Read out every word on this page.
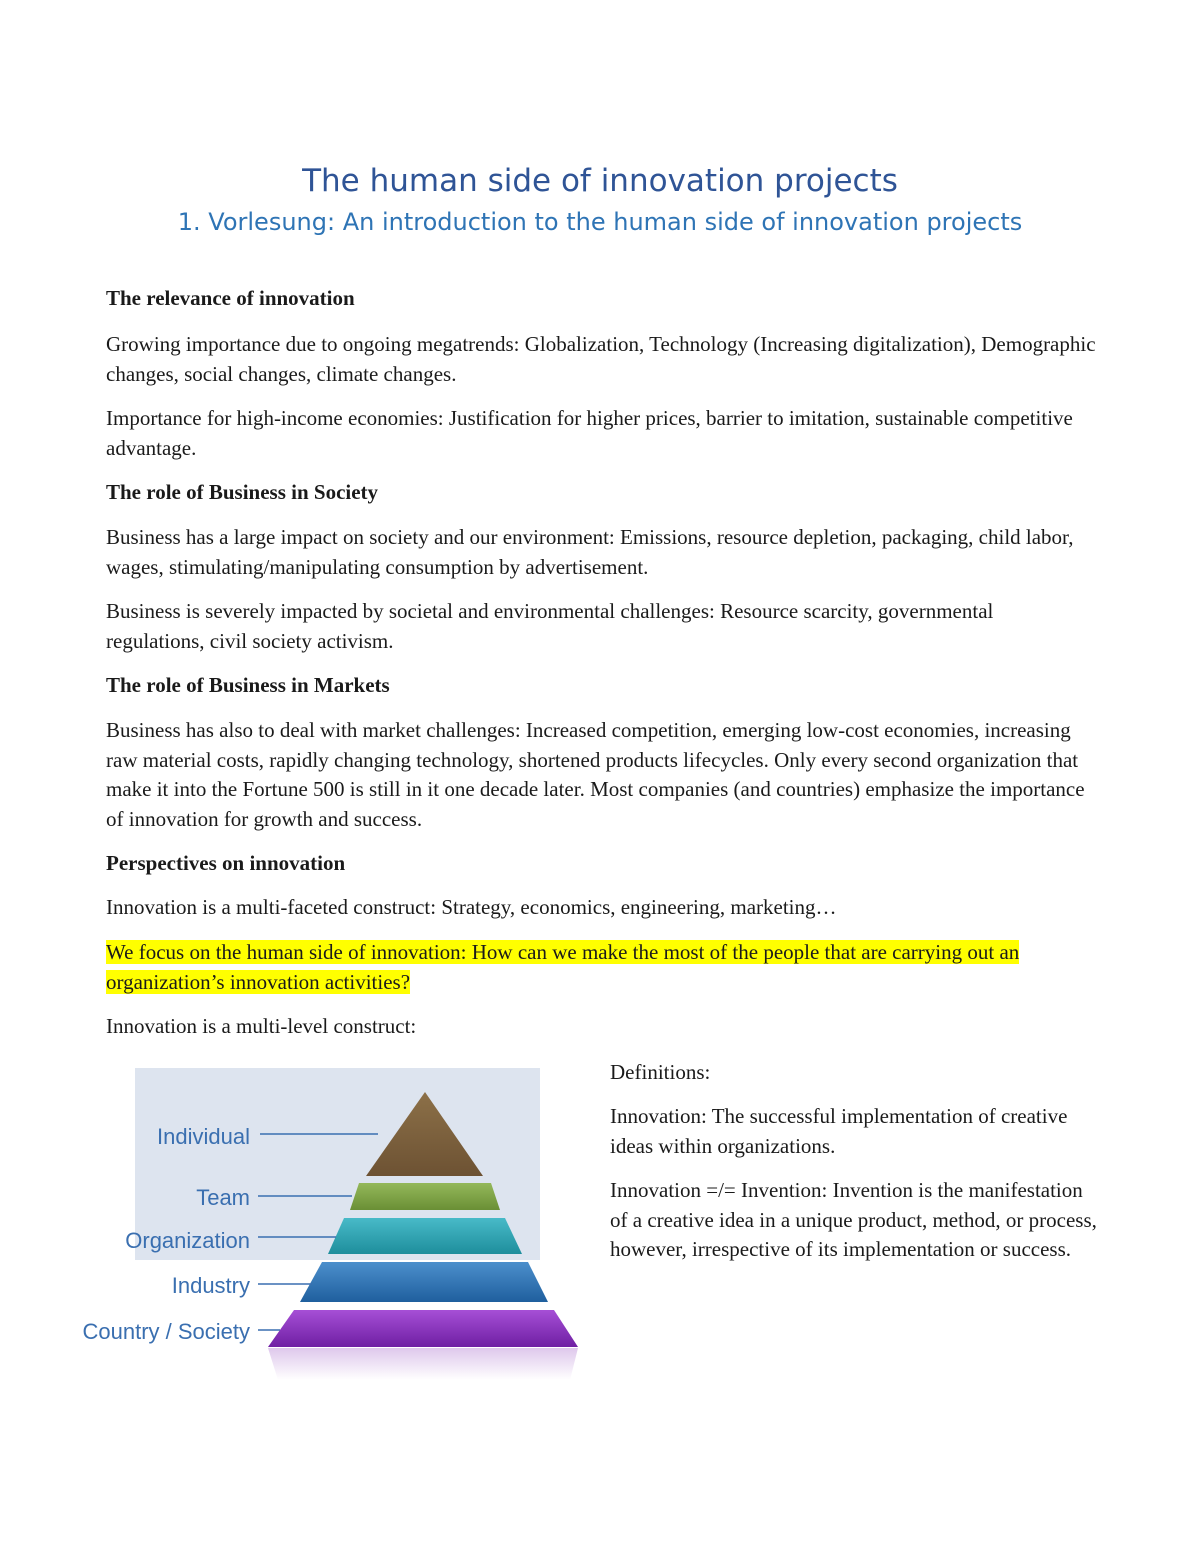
The human side of innovation projects
1. Vorlesung: An introduction to the human side of innovation projects

The relevance of innovation

Growing importance due to ongoing megatrends: Globalization, Technology (Increasing digitalization), Demographic changes, social changes, climate changes.

Importance for high-income economies: Justification for higher prices, barrier to imitation, sustainable competitive advantage.

The role of Business in Society

Business has a large impact on society and our environment: Emissions, resource depletion, packaging, child labor, wages, stimulating/manipulating consumption by advertisement.

Business is severely impacted by societal and environmental challenges: Resource scarcity, governmental regulations, civil society activism.

The role of Business in Markets

Business has also to deal with market challenges: Increased competition, emerging low-cost economies, increasing raw material costs, rapidly changing technology, shortened products lifecycles. Only every second organization that make it into the Fortune 500 is still in it one decade later. Most companies (and countries) emphasize the importance of innovation for growth and success.

Perspectives on innovation

Innovation is a multi-faceted construct: Strategy, economics, engineering, marketing…

We focus on the human side of innovation: How can we make the most of the people that are carrying out an organization’s innovation activities?

Innovation is a multi-level construct:

Individual
Team
Organization
Industry
Country / Society

Definitions:

Innovation: The successful implementation of creative ideas within organizations.

Innovation =/= Invention: Invention is the manifestation of a creative idea in a unique product, method, or process, however, irrespective of its implementation or success.
